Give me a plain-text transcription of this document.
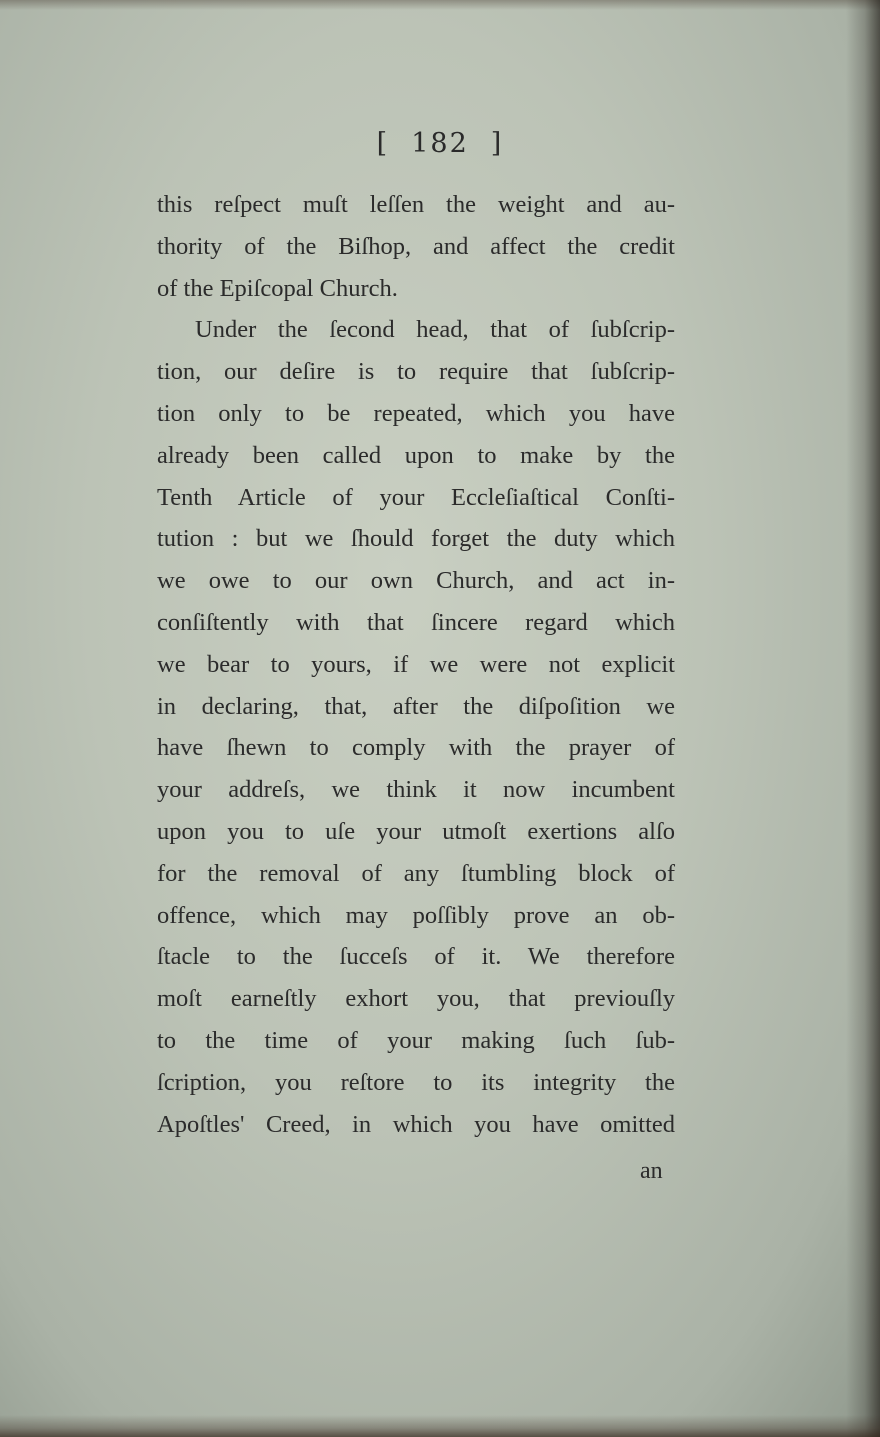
[ 182 ]
this reſpect muſt leſſen the weight and au-
thority of the Biſhop, and affect the credit
of the Epiſcopal Church.
Under the ſecond head, that of ſubſcrip-
tion, our deſire is to require that ſubſcrip-
tion only to be repeated, which you have
already been called upon to make by the
Tenth Article of your Eccleſiaſtical Conſti-
tution : but we ſhould forget the duty which
we owe to our own Church, and act in-
conſiſtently with that ſincere regard which
we bear to yours, if we were not explicit
in declaring, that, after the diſpoſition we
have ſhewn to comply with the prayer of
your addreſs, we think it now incumbent
upon you to uſe your utmoſt exertions alſo
for the removal of any ſtumbling block of
offence, which may poſſibly prove an ob-
ſtacle to the ſucceſs of it. We therefore
moſt earneſtly exhort you, that previouſly
to the time of your making ſuch ſub-
ſcription, you reſtore to its integrity the
Apoſtles' Creed, in which you have omitted
an
